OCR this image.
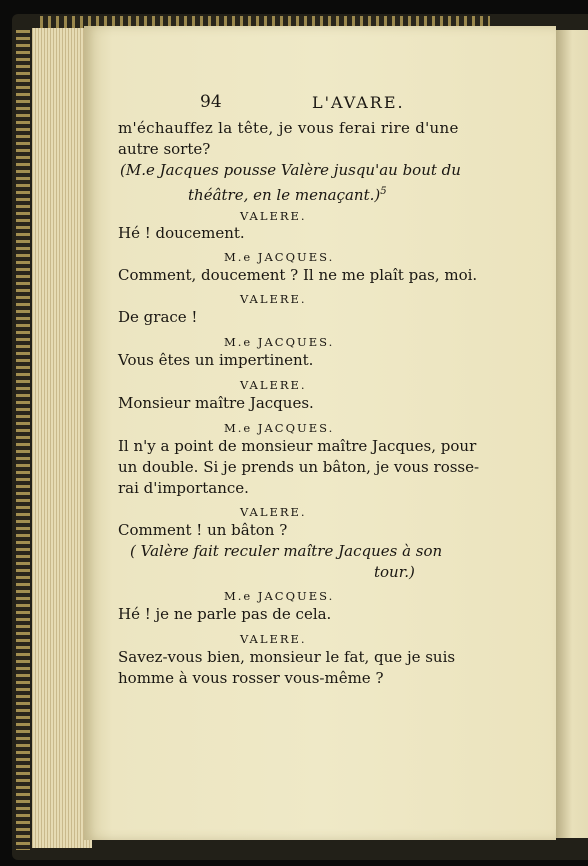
94	L'AVARE.
m'échauffez la tête, je vous ferai rire d'une
autre sorte?
(M.e Jacques pousse Valère jusqu'au bout du
théâtre, en le menaçant.)$^5$
VALERE.
Hé ! doucement.
M.e JACQUES.
Comment, doucement ? Il ne me plaît pas, moi.
VALERE.
De grace !
M.e JACQUES.
Vous êtes un impertinent.
VALERE.
Monsieur maître Jacques.
M.e JACQUES.
Il n'y a point de monsieur maître Jacques, pour
un double. Si je prends un bâton, je vous rosse-
rai d'importance.
VALERE.
Comment ! un bâton ?
( Valère fait reculer maître Jacques à son
tour.)
M.e JACQUES.
Hé ! je ne parle pas de cela.
VALERE.
Savez-vous bien, monsieur le fat, que je suis
homme à vous rosser vous-même ?
